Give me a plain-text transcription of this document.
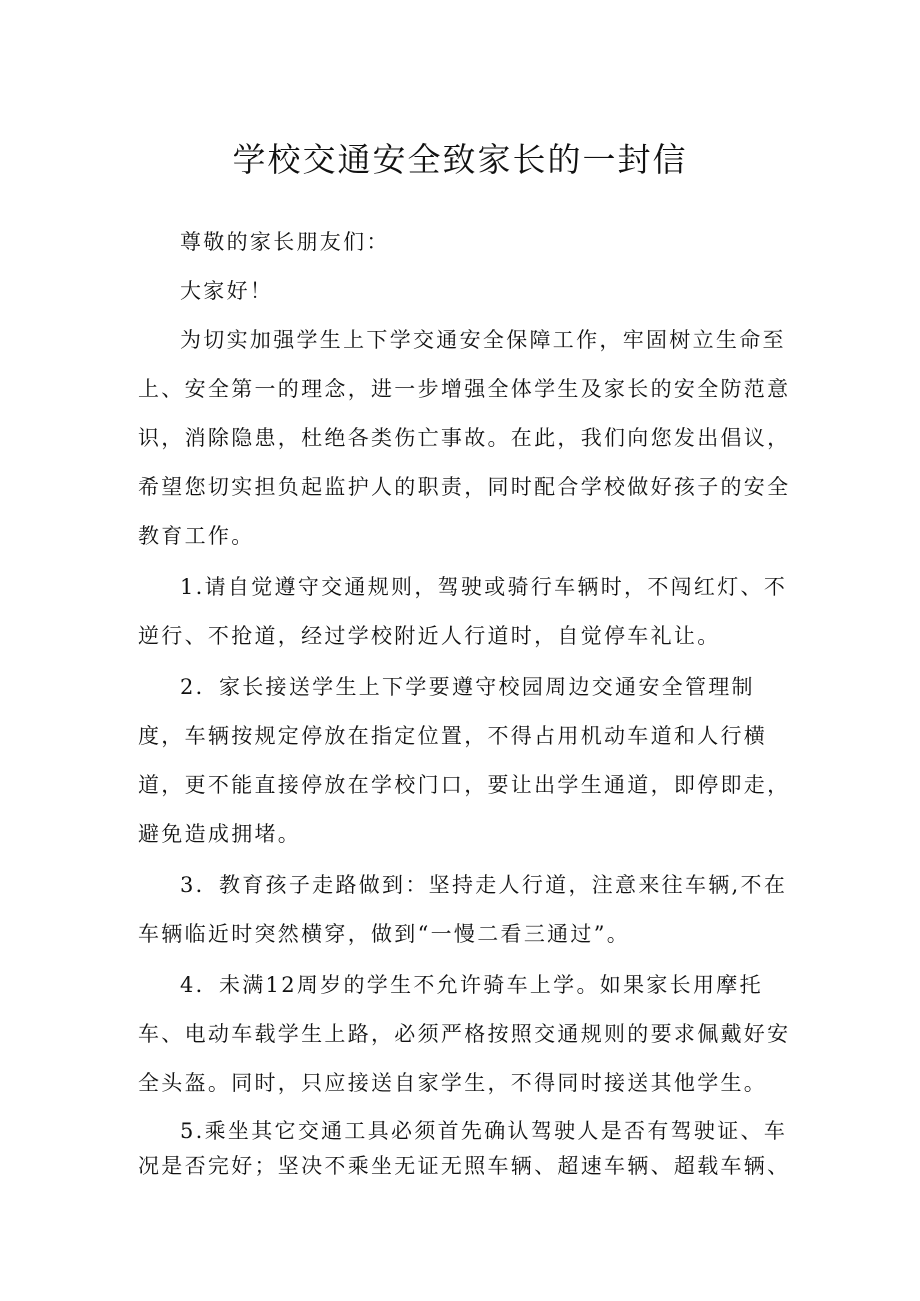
学校交通安全致家长的一封信

尊敬的家长朋友们：

大家好！

为切实加强学生上下学交通安全保障工作，牢固树立生命至上、安全第一的理念，进一步增强全体学生及家长的安全防范意识，消除隐患，杜绝各类伤亡事故。在此，我们向您发出倡议，希望您切实担负起监护人的职责，同时配合学校做好孩子的安全教育工作。

1.请自觉遵守交通规则，驾驶或骑行车辆时，不闯红灯、不逆行、不抢道，经过学校附近人行道时，自觉停车礼让。

2．家长接送学生上下学要遵守校园周边交通安全管理制度，车辆按规定停放在指定位置，不得占用机动车道和人行横道，更不能直接停放在学校门口，要让出学生通道，即停即走，避免造成拥堵。

3．教育孩子走路做到：坚持走人行道，注意来往车辆,不在车辆临近时突然横穿，做到“一慢二看三通过”。

4．未满12周岁的学生不允许骑车上学。如果家长用摩托车、电动车载学生上路，必须严格按照交通规则的要求佩戴好安全头盔。同时，只应接送自家学生，不得同时接送其他学生。

5.乘坐其它交通工具必须首先确认驾驶人是否有驾驶证、车况是否完好；坚决不乘坐无证无照车辆、超速车辆、超载车辆、
